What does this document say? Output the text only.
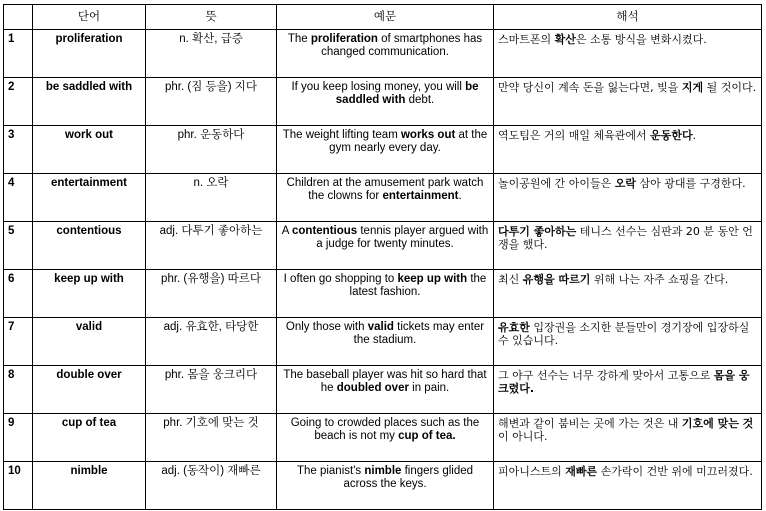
	단어	뜻	예문	해석
1	proliferation	n. 확산, 급증	The proliferation of smartphones has changed communication.	스마트폰의 확산은 소통 방식을 변화시켰다.
2	be saddled with	phr. (짐 등을) 지다	If you keep losing money, you will be saddled with debt.	만약 당신이 계속 돈을 잃는다면, 빚을 지게 될 것이다.
3	work out	phr. 운동하다	The weight lifting team works out at the gym nearly every day.	역도팀은 거의 매일 체육관에서 운동한다.
4	entertainment	n. 오락	Children at the amusement park watch the clowns for entertainment.	놀이공원에 간 아이들은 오락 삼아 광대를 구경한다.
5	contentious	adj. 다투기 좋아하는	A contentious tennis player argued with a judge for twenty minutes.	다투기 좋아하는 테니스 선수는 심판과 20 분 동안 언쟁을 했다.
6	keep up with	phr. (유행을) 따르다	I often go shopping to keep up with the latest fashion.	최신 유행을 따르기 위해 나는 자주 쇼핑을 간다.
7	valid	adj. 유효한, 타당한	Only those with valid tickets may enter the stadium.	유효한 입장권을 소지한 분들만이 경기장에 입장하실 수 있습니다.
8	double over	phr. 몸을 웅크리다	The baseball player was hit so hard that he doubled over in pain.	그 야구 선수는 너무 강하게 맞아서 고통으로 몸을 웅크렸다.
9	cup of tea	phr. 기호에 맞는 것	Going to crowded places such as the beach is not my cup of tea.	해변과 같이 붐비는 곳에 가는 것은 내 기호에 맞는 것이 아니다.
10	nimble	adj. (동작이) 재빠른	The pianist's nimble fingers glided across the keys.	피아니스트의 재빠른 손가락이 건반 위에 미끄러졌다.
